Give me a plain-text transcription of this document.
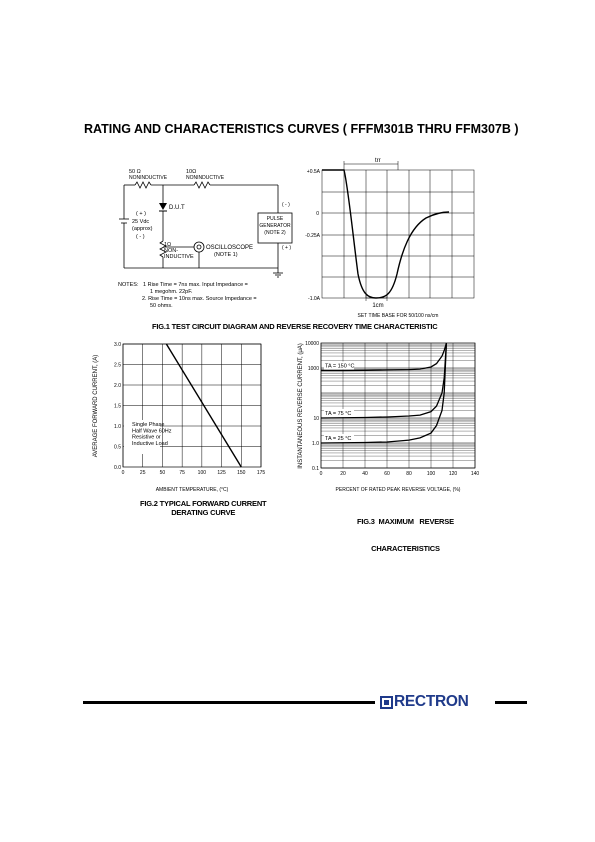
RATING AND CHARACTERISTICS CURVES ( FFFM301B THRU FFM307B )
50 Ω
NONINDUCTIVE
10Ω
NONINDUCTIVE
( + )
25 Vdc
(approx)
( - )
D.U.T
1Ω
NON-
INDUCTIVE
OSCILLOSCOPE
(NOTE 1)
( - )
PULSE
GENERATOR
(NOTE 2)
( + )
NOTES: 1 Rise Time = 7ns max. Input Impedance =
1 megohm. 22pF.
2. Rise Time = 10ns max. Source Impedance =
50 ohms.
trr
+0.5A
0
-0.25A
-1.0A
1cm
SET TIME BASE FOR 50/100 ns/cm
FIG.1 TEST CIRCUIT DIAGRAM AND REVERSE RECOVERY TIME CHARACTERISTIC
AVERAGE FORWARD CURRENT, (A)
AMBIENT TEMPERATURE, (°C)
0	25	50	75	100 125 150 175
0.5
1.0
1.5
2.0
2.5
3.0
0.0
Single Phase
Half Wave 60Hz
Resistive or
Inductive Load	INSTANTANEOUS REVERSE CURRENT, (μA)
PERCENT OF RATED PEAK REVERSE VOLTAGE, (%)
0	20	40	60	80	100	120	140
0.1
1.0
10
1000
10000
TA = 150 °C
TA = 75 °C
TA = 25 °C
FIG.2 TYPICAL FORWARD CURRENT
DERATING CURVE

FIG.3  MAXIMUM   REVERSE

CHARACTERISTICS

RECTRON
